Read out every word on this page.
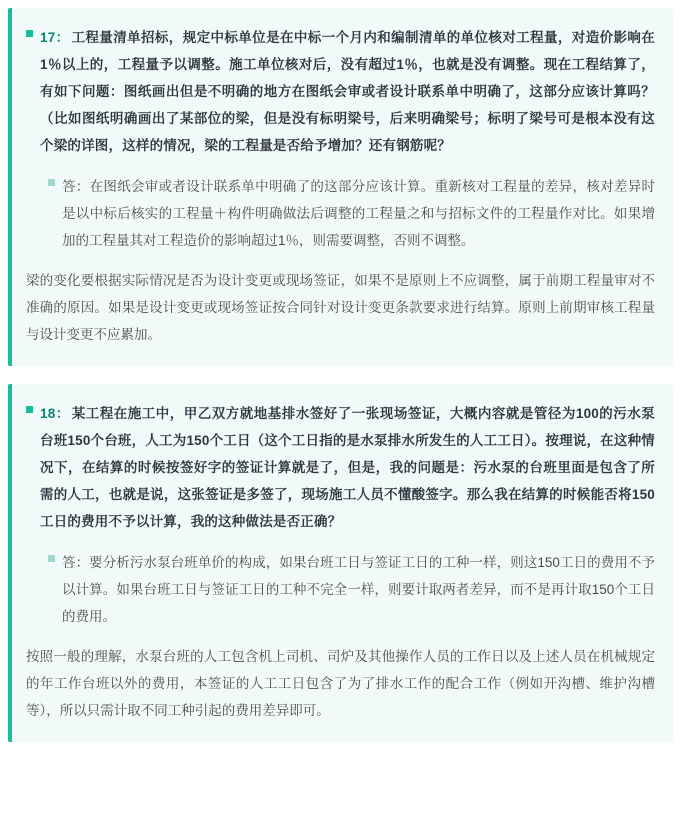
17： 工程量清单招标，规定中标单位是在中标一个月内和编制清单的单位核对工程量，对造价影响在1％以上的，工程量予以调整。施工单位核对后，没有超过1％，也就是没有调整。现在工程结算了，有如下问题：图纸画出但是不明确的地方在图纸会审或者设计联系单中明确了，这部分应该计算吗？（比如图纸明确画出了某部位的梁，但是没有标明梁号，后来明确梁号；标明了梁号可是根本没有这个梁的详图，这样的情况，梁的工程量是否给予增加？还有钢筋呢？
答：在图纸会审或者设计联系单中明确了的这部分应该计算。重新核对工程量的差异，核对差异时是以中标后核实的工程量＋构件明确做法后调整的工程量之和与招标文件的工程量作对比。如果增加的工程量其对工程造价的影响超过1％，则需要调整，否则不调整。
梁的变化要根据实际情况是否为设计变更或现场签证，如果不是原则上不应调整，属于前期工程量审对不准确的原因。如果是设计变更或现场签证按合同针对设计变更条款要求进行结算。原则上前期审核工程量与设计变更不应累加。
18： 某工程在施工中，甲乙双方就地基排水签好了一张现场签证，大概内容就是管径为100的污水泵台班150个台班，人工为150个工日（这个工日指的是水泵排水所发生的人工工日）。按理说，在这种情况下，在结算的时候按签好字的签证计算就是了，但是，我的问题是：污水泵的台班里面是包含了所需的人工，也就是说，这张签证是多签了，现场施工人员不懂酸签字。那么我在结算的时候能否将150工日的费用不予以计算，我的这种做法是否正确？
答：要分析污水泵台班单价的构成，如果台班工日与签证工日的工种一样，则这150工日的费用不予以计算。如果台班工日与签证工日的工种不完全一样，则要计取两者差异，而不是再计取150个工日的费用。
按照一般的理解，水泵台班的人工包含机上司机、司炉及其他操作人员的工作日以及上述人员在机械规定的年工作台班以外的费用，本签证的人工工日包含了为了排水工作的配合工作（例如开沟槽、维护沟槽等），所以只需计取不同工种引起的费用差异即可。
